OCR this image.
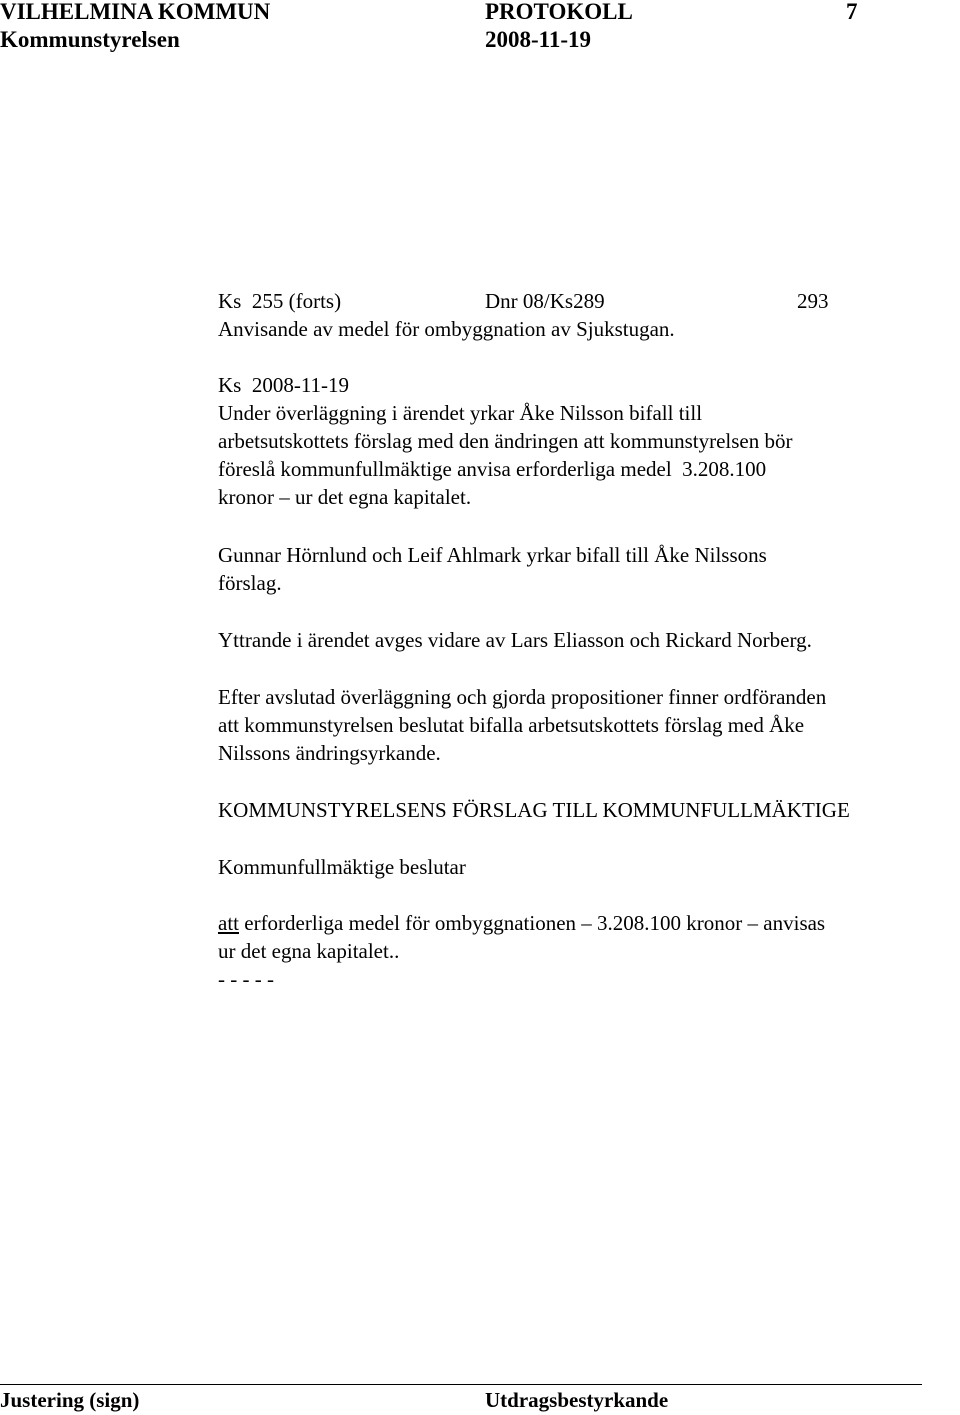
VILHELMINA KOMMUN	PROTOKOLL	7
Kommunstyrelsen	2008-11-19
Ks  255 (forts)	Dnr 08/Ks289	293
Anvisande av medel för ombyggnation av Sjukstugan.
Ks  2008-11-19
Under överläggning i ärendet yrkar Åke Nilsson bifall till
arbetsutskottets förslag med den ändringen att kommunstyrelsen bör
föreslå kommunfullmäktige anvisa erforderliga medel  3.208.100
kronor – ur det egna kapitalet.
Gunnar Hörnlund och Leif Ahlmark yrkar bifall till Åke Nilssons
förslag.
Yttrande i ärendet avges vidare av Lars Eliasson och Rickard Norberg.
Efter avslutad överläggning och gjorda propositioner finner ordföranden
att kommunstyrelsen beslutat bifalla arbetsutskottets förslag med Åke
Nilssons ändringsyrkande.
KOMMUNSTYRELSENS FÖRSLAG TILL KOMMUNFULLMÄKTIGE
Kommunfullmäktige beslutar
att erforderliga medel för ombyggnationen – 3.208.100 kronor – anvisas
ur det egna kapitalet..
- - - - -
Justering (sign)	Utdragsbestyrkande
